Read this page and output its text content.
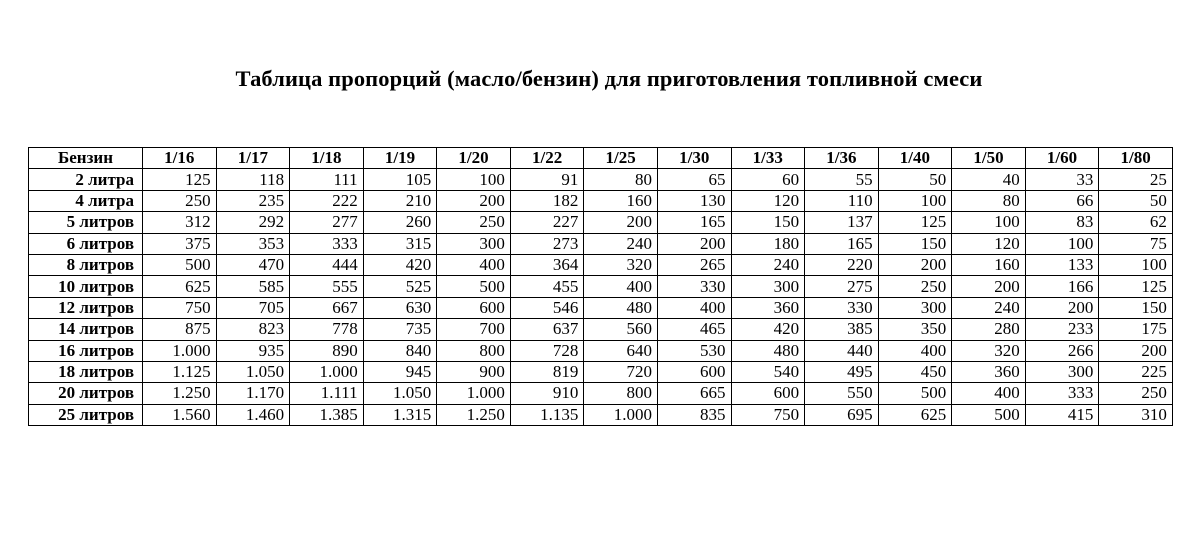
Таблица пропорций (масло/бензин) для приготовления топливной смеси
Бензин	1/16	1/17	1/18	1/19	1/20	1/22	1/25	1/30	1/33	1/36	1/40	1/50	1/60	1/80
2 литра	125	118	111	105	100	91	80	65	60	55	50	40	33	25
4 литра	250	235	222	210	200	182	160	130	120	110	100	80	66	50
5 литров	312	292	277	260	250	227	200	165	150	137	125	100	83	62
6 литров	375	353	333	315	300	273	240	200	180	165	150	120	100	75
8 литров	500	470	444	420	400	364	320	265	240	220	200	160	133	100
10 литров	625	585	555	525	500	455	400	330	300	275	250	200	166	125
12 литров	750	705	667	630	600	546	480	400	360	330	300	240	200	150
14 литров	875	823	778	735	700	637	560	465	420	385	350	280	233	175
16 литров	1.000	935	890	840	800	728	640	530	480	440	400	320	266	200
18 литров	1.125	1.050	1.000	945	900	819	720	600	540	495	450	360	300	225
20 литров	1.250	1.170	1.111	1.050	1.000	910	800	665	600	550	500	400	333	250
25 литров	1.560	1.460	1.385	1.315	1.250	1.135	1.000	835	750	695	625	500	415	310
